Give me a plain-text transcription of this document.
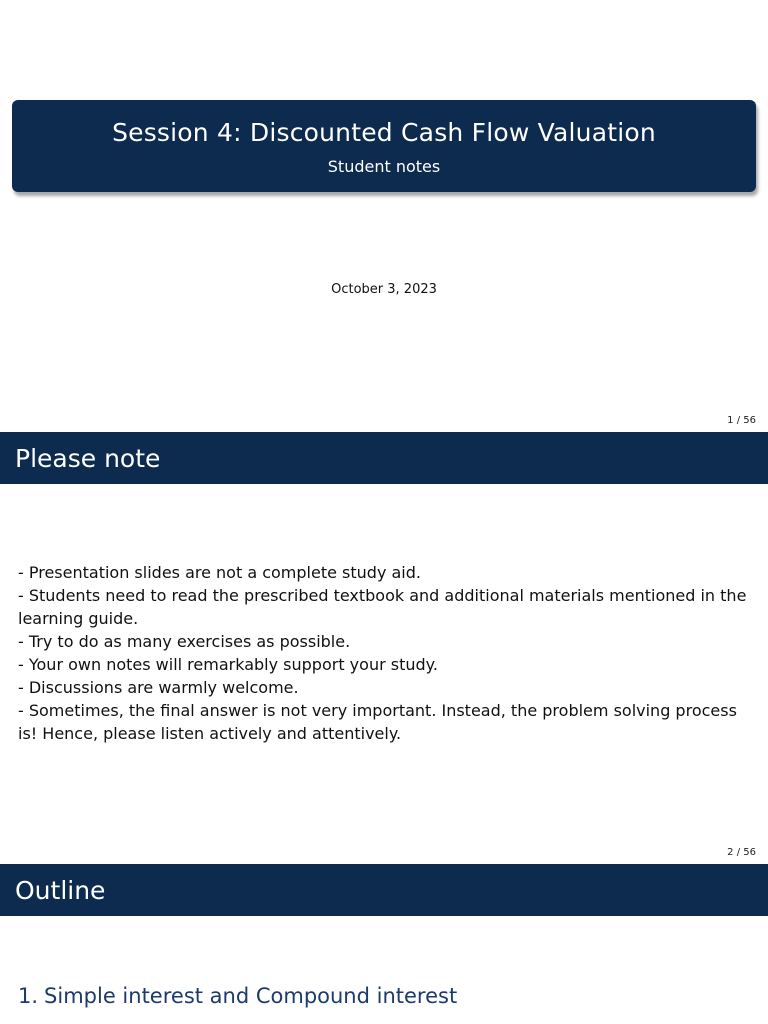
Session 4: Discounted Cash Flow Valuation
Student notes
October 3, 2023
1 / 56
Please note
- Presentation slides are not a complete study aid.
- Students need to read the prescribed textbook and additional materials mentioned in the learning guide.
- Try to do as many exercises as possible.
- Your own notes will remarkably support your study.
- Discussions are warmly welcome.
- Sometimes, the final answer is not very important. Instead, the problem solving process is! Hence, please listen actively and attentively.
2 / 56
Outline
1. Simple interest and Compound interest
